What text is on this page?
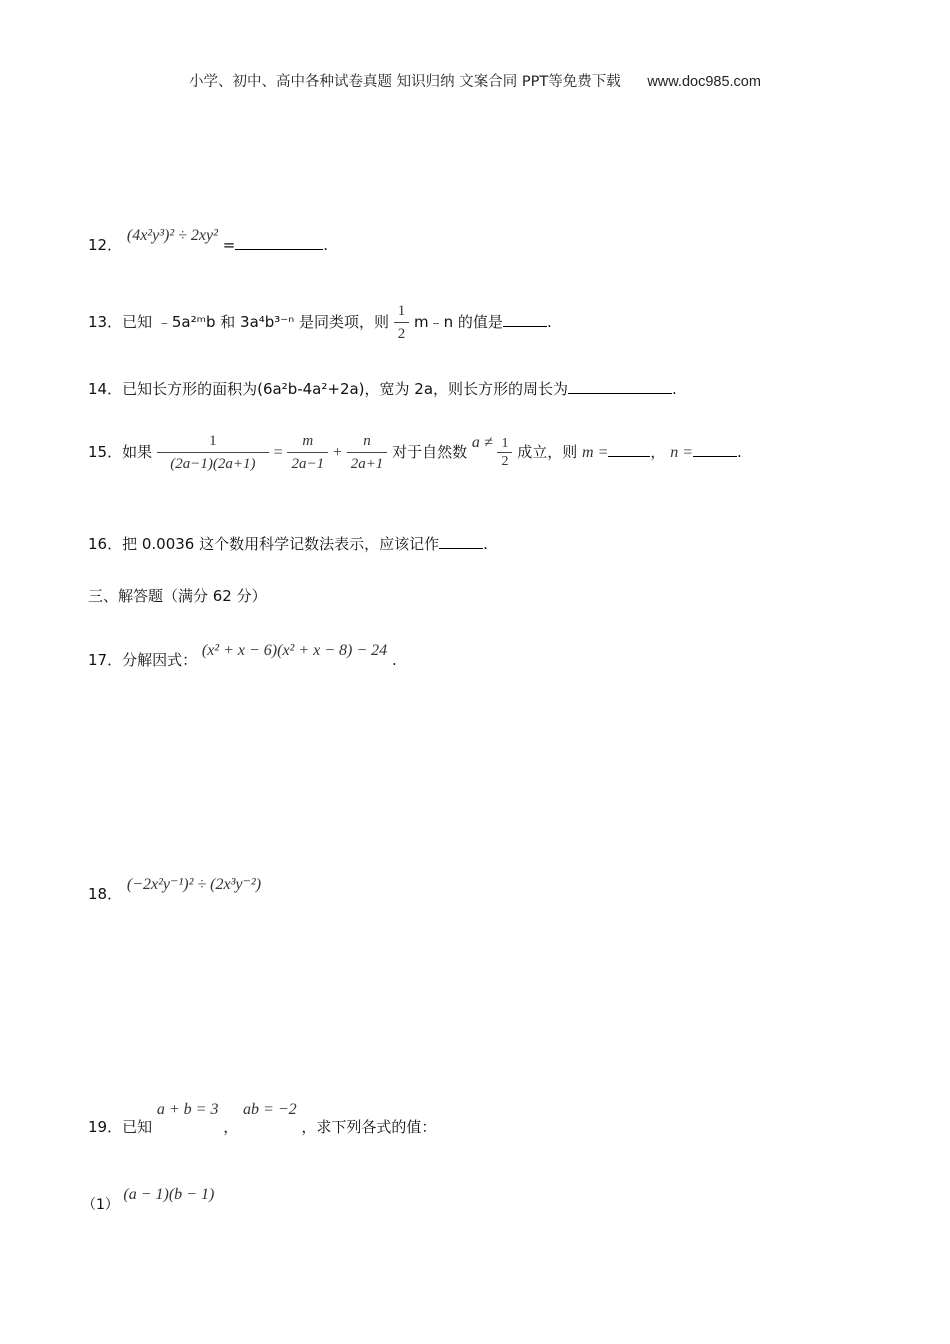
小学、初中、高中各种试卷真题 知识归纳 文案合同 PPT等免费下载 www.doc985.com
12． (4x²y³)² ÷ 2xy² =	.
13．已知 ﹣5a²ᵐb 和 3a⁴b³⁻ⁿ 是同类项，则 $\frac{1}{2}$ m﹣n 的值是	.
14．已知长方形的面积为(6a²b-4a²+2a)，宽为 2a，则长方形的周长为	.
15．如果 $\frac{1}{(2a-1)(2a+1)} = \frac{m}{2a-1} + \frac{n}{2a+1}$ 对于自然数 $a \ne \frac{1}{2}$ 成立，则 m =	， n =	.
16．把 0.0036 这个数用科学记数法表示，应该记作	.
三、解答题（满分 62 分）
17．分解因式： (x² + x − 6)(x² + x − 8) − 24 .
18． (−2x²y⁻¹)² ÷ (2x³y⁻²)
19．已知 a + b = 3 ， ab = −2 ，求下列各式的值：
（1） (a − 1)(b − 1)
